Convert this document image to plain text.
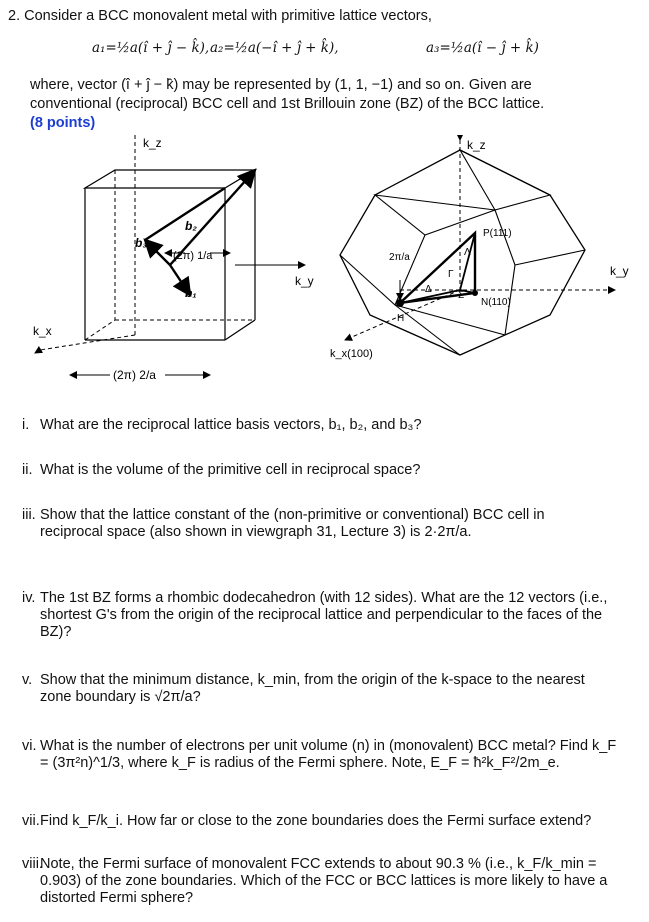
2. Consider a BCC monovalent metal with primitive lattice vectors,
a₁=½a(î + ĵ − k̂), a₂=½a(−î + ĵ + k̂),	a₃=½a(î − ĵ + k̂)
where, vector (î + ĵ − k̂) may be represented by (1, 1, −1) and so on. Given are
conventional (reciprocal) BCC cell and 1st Brillouin zone (BZ) of the BCC lattice.
(8 points)
k_z
k_y
k_x
b₂
b₃
b₁
(2π) 1/a
(2π) 2/a
k_z
k_y
k_x(100)
P(111)
N(110)
H
2π/a	Λ
Δ
Σ
Γ
i. What are the reciprocal lattice basis vectors, b₁, b₂, and b₃?
ii. What is the volume of the primitive cell in reciprocal space?
iii. Show that the lattice constant of the (non-primitive or conventional) BCC cell in reciprocal space (also shown in viewgraph 31, Lecture 3) is 2·2π/a.
iv. The 1st BZ forms a rhombic dodecahedron (with 12 sides). What are the 12 vectors (i.e., shortest G's from the origin of the reciprocal lattice and perpendicular to the faces of the BZ)?
v. Show that the minimum distance, k_min, from the origin of the k-space to the nearest zone boundary is √2π/a?
vi. What is the number of electrons per unit volume (n) in (monovalent) BCC metal? Find k_F = (3π²n)^1/3, where k_F is radius of the Fermi sphere. Note, E_F = ħ²k_F²/2m_e.
vii. Find k_F/k_i. How far or close to the zone boundaries does the Fermi surface extend?
viii.
Note, the Fermi surface of monovalent FCC extends to about 90.3 % (i.e., k_F/k_min = 0.903) of the zone boundaries. Which of the FCC or BCC lattices is more likely to have a distorted Fermi sphere?
